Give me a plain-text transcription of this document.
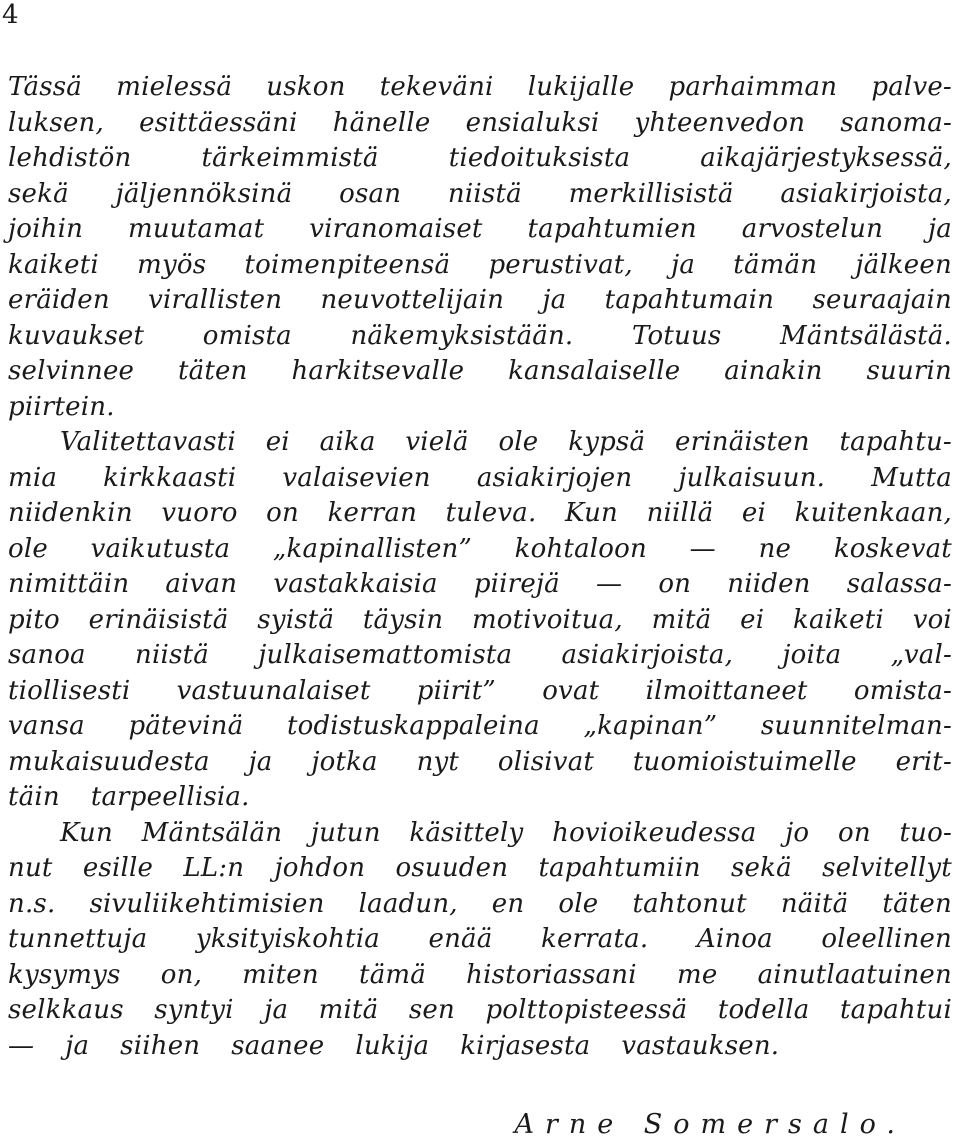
4
Tässä mielessä uskon tekeväni lukijalle parhaimman palve-
luksen, esittäessäni hänelle ensialuksi yhteenvedon sanoma-
lehdistön	tärkeimmistä	tiedoituksista	aikajärjestyksessä,
sekä jäljennöksinä osan niistä merkillisistä asiakirjoista,
joihin muutamat viranomaiset tapahtumien arvostelun ja
kaiketi myös toimenpiteensä perustivat, ja tämän jälkeen
eräiden virallisten neuvottelijain ja tapahtumain seuraajain
kuvaukset omista näkemyksistään. Totuus Mäntsälästä.
selvinnee täten harkitsevalle kansalaiselle ainakin suurin
piirtein.
Valitettavasti ei aika vielä ole kypsä erinäisten tapahtu-
mia kirkkaasti valaisevien asiakirjojen julkaisuun. Mutta
niidenkin vuoro on kerran tuleva. Kun niillä ei kuitenkaan,
ole vaikutusta „kapinallisten” kohtaloon — ne koskevat
nimittäin aivan vastakkaisia piirejä — on niiden salassa-
pito erinäisistä syistä täysin motivoitua, mitä ei kaiketi voi
sanoa niistä julkaisemattomista asiakirjoista, joita „val-
tiollisesti vastuunalaiset piirit” ovat ilmoittaneet omista-
vansa pätevinä todistuskappaleina „kapinan” suunnitelman-
mukaisuudesta ja jotka nyt olisivat tuomioistuimelle erit-
täin tarpeellisia.
Kun Mäntsälän jutun käsittely hovioikeudessa jo on tuo-
nut esille LL:n johdon osuuden tapahtumiin sekä selvitellyt
n.s. sivuliikehtimisien laadun, en ole tahtonut näitä täten
tunnettuja yksityiskohtia enää kerrata. Ainoa oleellinen
kysymys on, miten tämä historiassani me ainutlaatuinen
selkkaus syntyi ja mitä sen polttopisteessä todella tapahtui
— ja siihen saanee lukija kirjasesta vastauksen.
Arne Somersalo.
